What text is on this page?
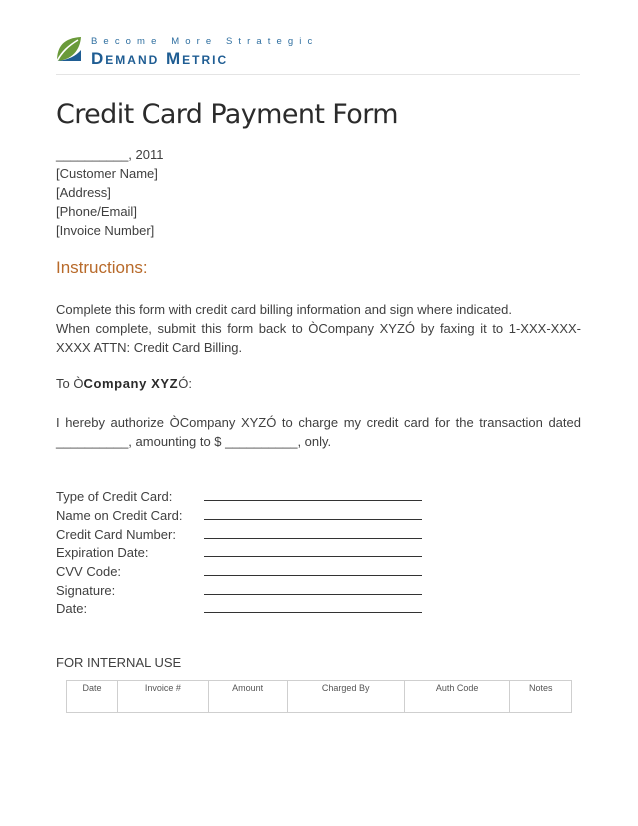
Become More Strategic
Demand Metric
Credit Card Payment Form
__________, 2011
[Customer Name]
[Address]
[Phone/Email]
[Invoice Number]
Instructions:
Complete this form with credit card billing information and sign where indicated.
When complete, submit this form back to ÒCompany XYZÓ by faxing it to 1-XXX-XXX-XXXX ATTN: Credit Card Billing.
To ÒCompany XYZÓ:
I hereby authorize ÒCompany XYZÓ to charge my credit card for the transaction dated __________, amounting to $ __________, only.
Type of Credit Card:
Name on Credit Card:
Credit Card Number:
Expiration Date:
CVV Code:
Signature:
Date:
FOR INTERNAL USE
Date	Invoice #	Amount	Charged By	Auth Code	Notes
